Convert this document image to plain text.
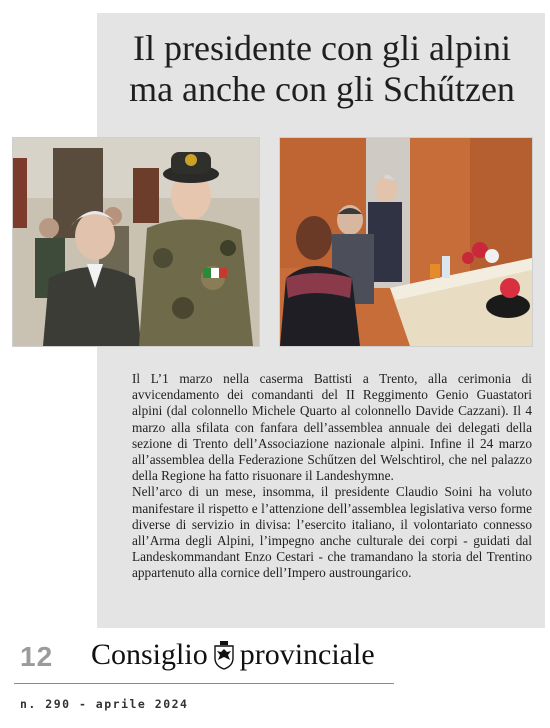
Il presidente con gli alpini
ma anche con gli Schűtzen

Il L’1 marzo nella caserma Battisti a Trento, alla cerimonia di avvicendamento dei comandanti del II Reggimento Genio Guastatori alpini (dal colonnello Michele Quarto al colonnello Davide Cazzani). Il 4 marzo alla sfilata con fanfara dell’assemblea annuale dei delegati della sezione di Trento dell’Associazione nazionale alpini. Infine il 24 marzo all’assemblea della Federazione Schűtzen del Welschtirol, che nel palazzo della Regione ha fatto risuonare il Landeshymne.

Nell’arco di un mese, insomma, il presidente Claudio Soini ha voluto manifestare il rispetto e l’attenzione dell’assemblea legislativa verso forme diverse di servizio in divisa: l’esercito italiano, il volontariato connesso all’Arma degli Alpini, l’impegno anche culturale dei corpi - guidati dal Landeskommandant Enzo Cestari - che tramandano la storia del Trentino appartenuto alla cornice dell’Impero austroungarico.

12 Consiglio provinciale
n. 290 - aprile 2024
